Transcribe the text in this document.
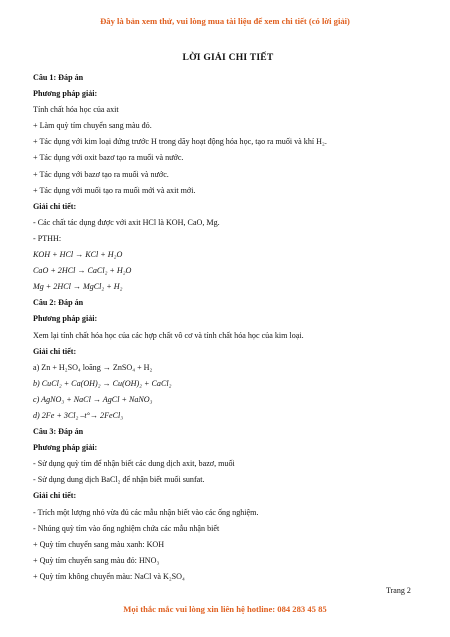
Đây là bản xem thử, vui lòng mua tài liệu để xem chi tiết (có lời giải)
LỜI GIẢI CHI TIẾT
Câu 1: Đáp án
Phương pháp giải:
Tính chất hóa học của axit
+ Làm quỳ tím chuyển sang màu đỏ.
+ Tác dụng với kim loại đứng trước H trong dãy hoạt động hóa học, tạo ra muối và khí H₂.
+ Tác dụng với oxit bazơ tạo ra muối và nước.
+ Tác dụng với bazơ tạo ra muối và nước.
+ Tác dụng với muối tạo ra muối mới và axit mới.
Giải chi tiết:
- Các chất tác dụng được với axit HCl là KOH, CaO, Mg.
- PTHH:
KOH + HCl → KCl + H₂O
CaO + 2HCl → CaCl₂ + H₂O
Mg + 2HCl → MgCl₂ + H₂
Câu 2: Đáp án
Phương pháp giải:
Xem lại tính chất hóa học của các hợp chất vô cơ và tính chất hóa học của kim loại.
Giải chi tiết:
a) Zn + H₂SO₄ loãng → ZnSO₄ + H₂
b) CuCl₂ + Ca(OH)₂ → Cu(OH)₂ + CaCl₂
c) AgNO₃ + NaCl → AgCl + NaNO₃
d) 2Fe + 3Cl₂ –t°→ 2FeCl₃
Câu 3: Đáp án
Phương pháp giải:
- Sử dụng quỳ tím để nhận biết các dung dịch axit, bazơ, muối
- Sử dụng dung dịch BaCl₂ để nhận biết muối sunfat.
Giải chi tiết:
- Trích một lượng nhỏ vừa đủ các mẫu nhận biết vào các ống nghiệm.
- Nhúng quỳ tím vào ống nghiệm chứa các mẫu nhận biết
+ Quỳ tím chuyển sang màu xanh: KOH
+ Quỳ tím chuyển sang màu đỏ: HNO₃
+ Quỳ tím không chuyển màu: NaCl và K₂SO₄
Trang 2
Mọi thắc mắc vui lòng xin liên hệ hotline: 084 283 45 85
